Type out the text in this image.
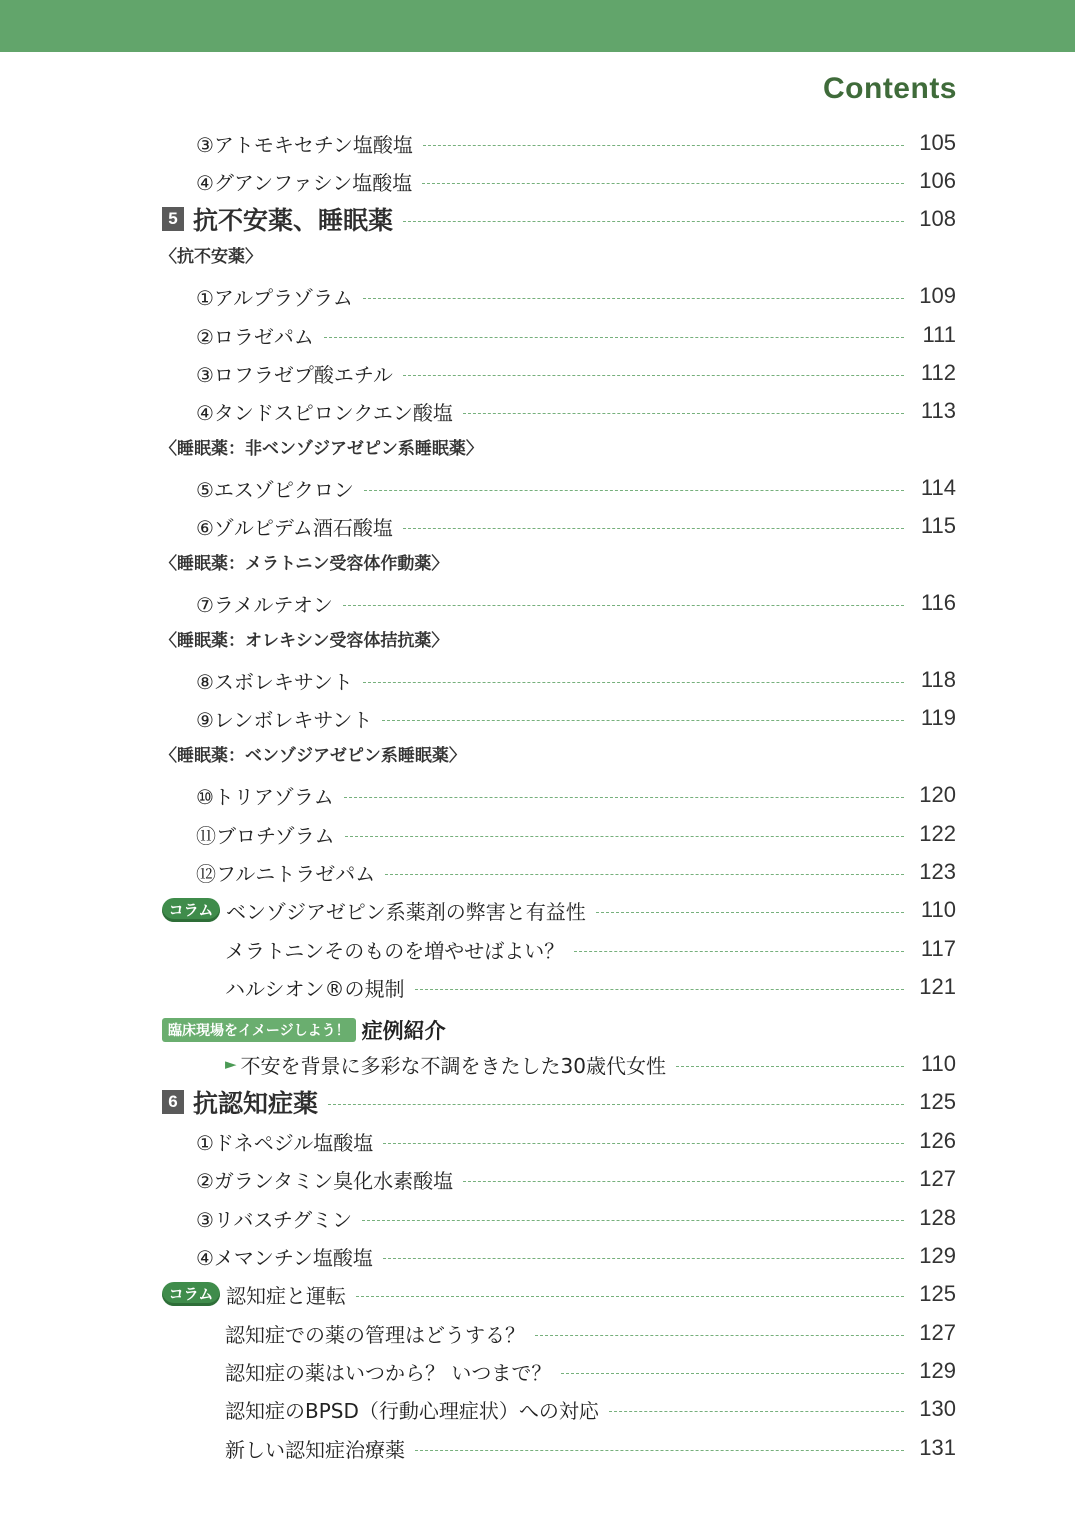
Contents
③アトモキセチン塩酸塩	105
④グアンファシン塩酸塩	106
5 抗不安薬、睡眠薬	108
〈抗不安薬〉
①アルプラゾラム	109
②ロラゼパム	111
③ロフラゼプ酸エチル	112
④タンドスピロンクエン酸塩	113
〈睡眠薬：非ベンゾジアゼピン系睡眠薬〉
⑤エスゾピクロン	114
⑥ゾルピデム酒石酸塩	115
〈睡眠薬：メラトニン受容体作動薬〉
⑦ラメルテオン	116
〈睡眠薬：オレキシン受容体拮抗薬〉
⑧スボレキサント	118
⑨レンボレキサント	119
〈睡眠薬：ベンゾジアゼピン系睡眠薬〉
⑩トリアゾラム	120
⑪ブロチゾラム	122
⑫フルニトラゼパム	123
コラム ベンゾジアゼピン系薬剤の弊害と有益性	110
メラトニンそのものを増やせばよい？	117
ハルシオン®の規制	121
臨床現場をイメージしよう！ 症例紹介
► 不安を背景に多彩な不調をきたした30歳代女性	110
6 抗認知症薬	125
①ドネペジル塩酸塩	126
②ガランタミン臭化水素酸塩	127
③リバスチグミン	128
④メマンチン塩酸塩	129
コラム 認知症と運転	125
認知症での薬の管理はどうする？	127
認知症の薬はいつから？ いつまで？	129
認知症のBPSD（行動心理症状）への対応	130
新しい認知症治療薬	131
